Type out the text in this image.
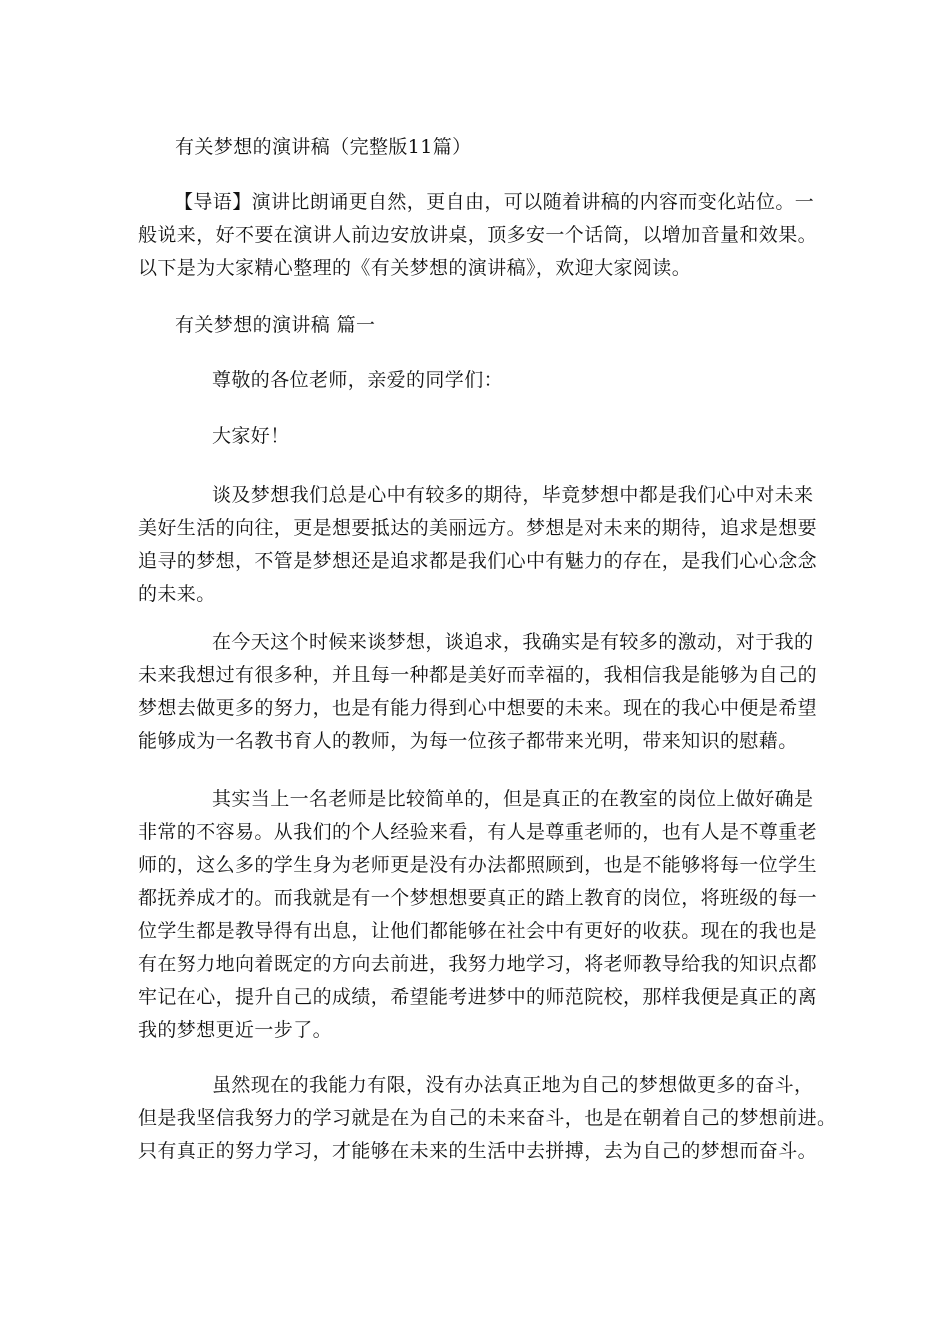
有关梦想的演讲稿（完整版11篇）

【导语】演讲比朗诵更自然，更自由，可以随着讲稿的内容而变化站位。一
般说来，好不要在演讲人前边安放讲桌，顶多安一个话筒，以增加音量和效果。
以下是为大家精心整理的《有关梦想的演讲稿》，欢迎大家阅读。

有关梦想的演讲稿 篇一

尊敬的各位老师，亲爱的同学们：

大家好！

谈及梦想我们总是心中有较多的期待，毕竟梦想中都是我们心中对未来
美好生活的向往，更是想要抵达的美丽远方。梦想是对未来的期待，追求是想要
追寻的梦想，不管是梦想还是追求都是我们心中有魅力的存在，是我们心心念念
的未来。
在今天这个时候来谈梦想，谈追求，我确实是有较多的激动，对于我的
未来我想过有很多种，并且每一种都是美好而幸福的，我相信我是能够为自己的
梦想去做更多的努力，也是有能力得到心中想要的未来。现在的我心中便是希望
能够成为一名教书育人的教师，为每一位孩子都带来光明，带来知识的慰藉。
其实当上一名老师是比较简单的，但是真正的在教室的岗位上做好确是
非常的不容易。从我们的个人经验来看，有人是尊重老师的，也有人是不尊重老
师的，这么多的学生身为老师更是没有办法都照顾到，也是不能够将每一位学生
都抚养成才的。而我就是有一个梦想想要真正的踏上教育的岗位，将班级的每一
位学生都是教导得有出息，让他们都能够在社会中有更好的收获。现在的我也是
有在努力地向着既定的方向去前进，我努力地学习，将老师教导给我的知识点都
牢记在心，提升自己的成绩，希望能考进梦中的师范院校，那样我便是真正的离
我的梦想更近一步了。
虽然现在的我能力有限，没有办法真正地为自己的梦想做更多的奋斗，
但是我坚信我努力的学习就是在为自己的未来奋斗，也是在朝着自己的梦想前进。
只有真正的努力学习，才能够在未来的生活中去拼搏，去为自己的梦想而奋斗。
